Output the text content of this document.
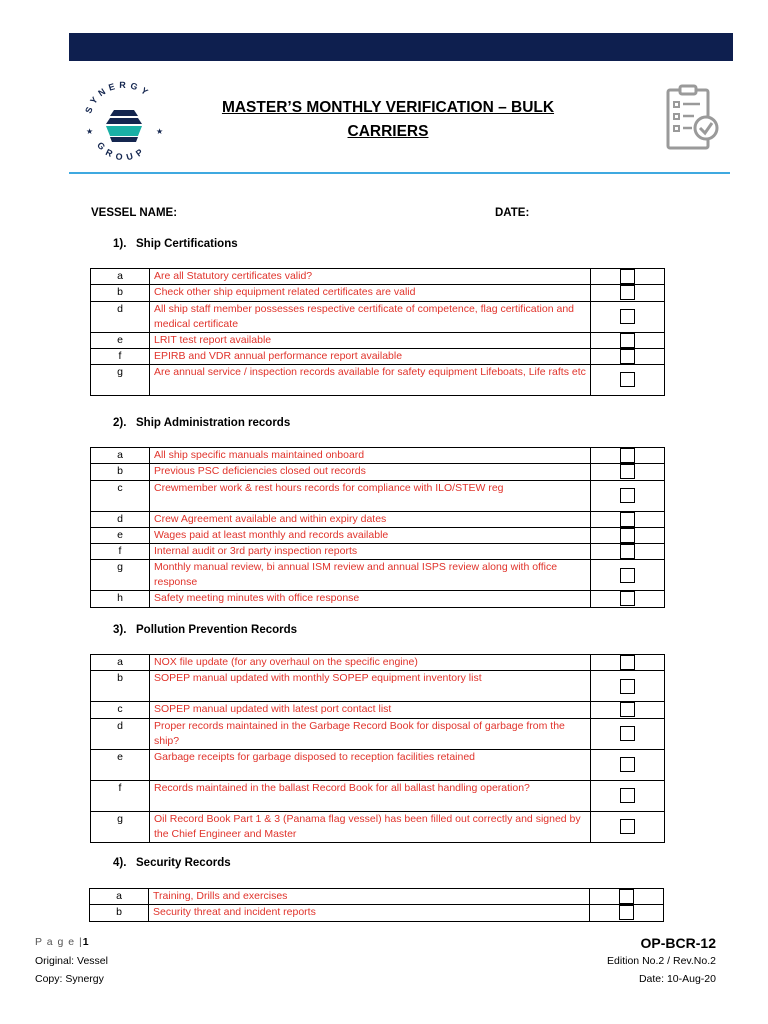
SYNERGY
GROUP
★	★
MASTER’S MONTHLY VERIFICATION – BULK
CARRIERS
VESSEL NAME:	DATE:
1). Ship Certifications
a	Are all Statutory certificates valid?	
b	Check other ship equipment related certificates are valid	
d	All ship staff member possesses respective certificate of competence, flag certification and medical certificate	
e	LRIT test report available	
f	EPIRB and VDR annual performance report available	
g	Are annual service / inspection records available for safety equipment Lifeboats, Life rafts etc	
2). Ship Administration records
a	All ship specific manuals maintained onboard	
b	Previous PSC deficiencies closed out records	
c	Crewmember work & rest hours records for compliance with ILO/STEW reg	
d	Crew Agreement available and within expiry dates	
e	Wages paid at least monthly and records available	
f	Internal audit or 3rd party inspection reports	
g	Monthly manual review, bi annual ISM review and annual ISPS review along with office response	
h	Safety meeting minutes with office response	
3). Pollution Prevention Records
a	NOX file update (for any overhaul on the specific engine)	
b	SOPEP manual updated with monthly SOPEP equipment inventory list	
c	SOPEP manual updated with latest port contact list	
d	Proper records maintained in the Garbage Record Book for disposal of garbage from the ship?	
e	Garbage receipts for garbage disposed to reception facilities retained	
f	Records maintained in the ballast Record Book for all ballast handling operation?	
g	Oil Record Book Part 1 & 3 (Panama flag vessel) has been filled out correctly and signed by the Chief Engineer and Master	
4). Security Records
a	Training, Drills and exercises	
b	Security threat and incident reports	
P a g e |1
Original: Vessel
Copy: Synergy
OP-BCR-12
Edition No.2 / Rev.No.2
Date: 10-Aug-20
